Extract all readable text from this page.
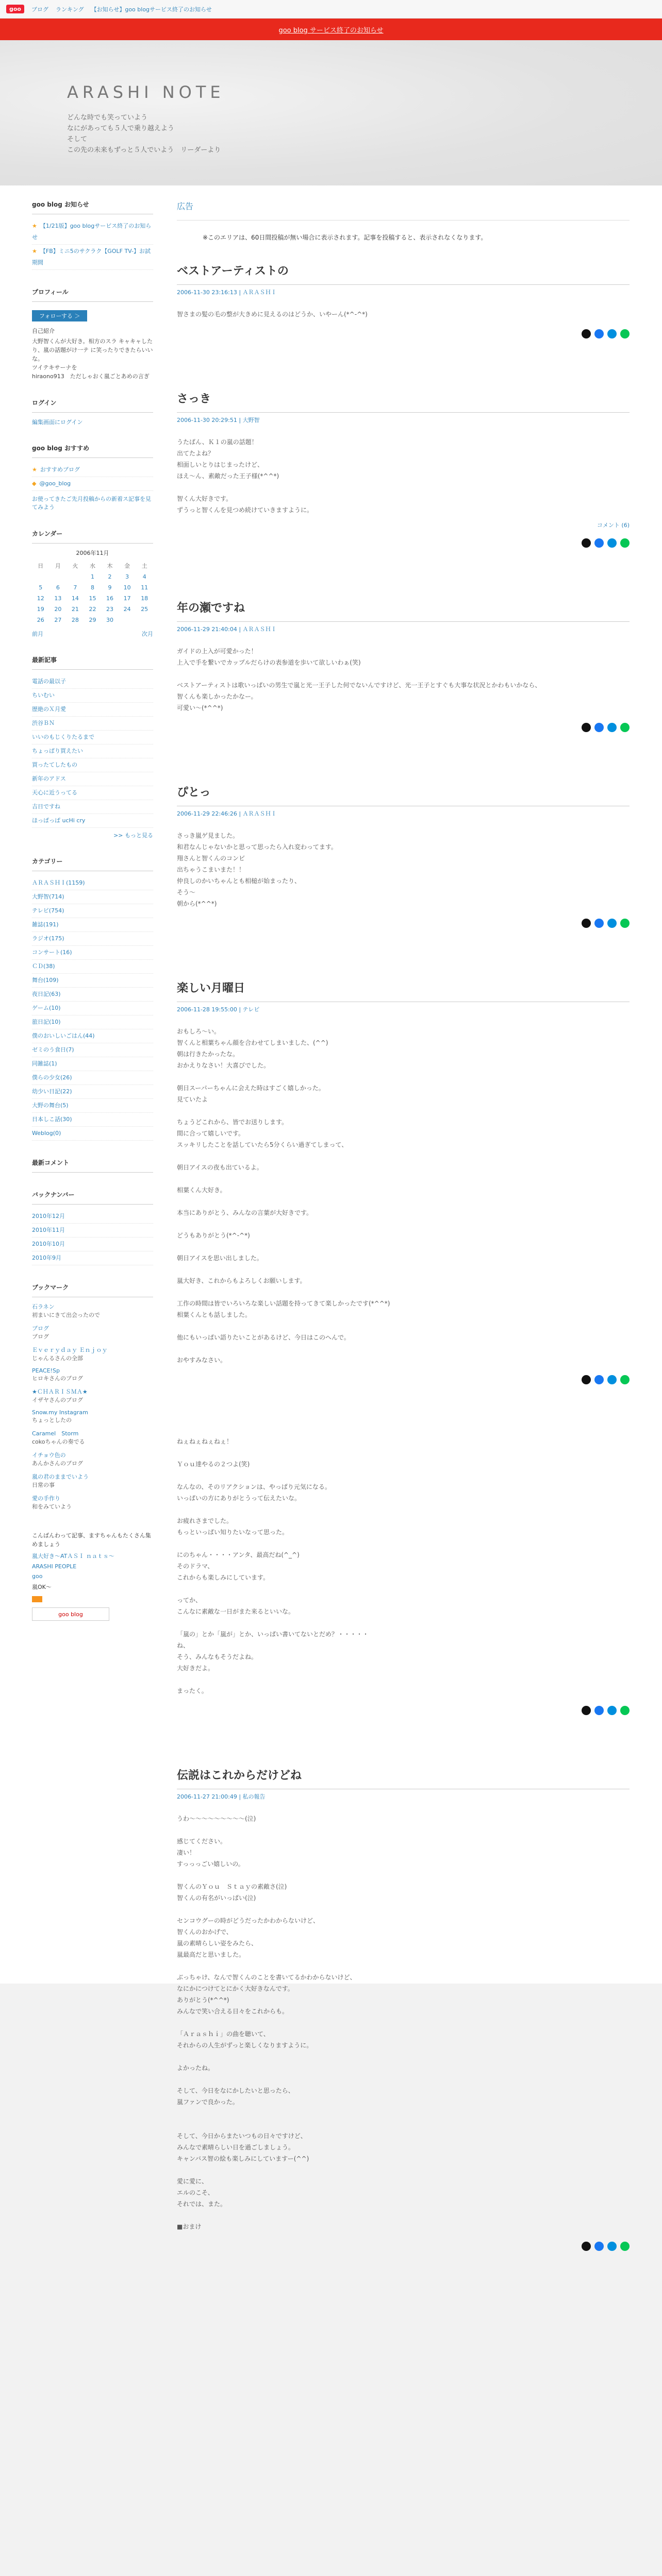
goo	ブログ ランキング 【お知らせ】goo blogサービス終了のお知らせ
goo blog サービス終了のお知らせ
ARASHI NOTE
どんな時でも笑っていよう
なにがあっても５人で乗り越えよう
そして
この先の未来もずっと５人でいよう　リーダーより
goo blog お知らせ
★ 【1/21版】goo blogサービス終了のお知らせ
★ 【FB】ミニ5のサクラク【GOLF TV-】お試期間
プロフィール
フォローする ＞
自己紹介
大野智くんが大好き。相方のスラ キャキャしたり、嵐の話題がけ一テ に笑ったりできたらいいな。
ツイテキサーナを
hiraono913　ただしゃおく嵐ごとあめの言ぎ
ログイン
編集画面にログイン
goo blog おすすめ
★ おすすめブログ
◆ @goo_blog
お使ってきたご先月投稿からの新着ス記事を見てみよう
カレンダー
2006年11月
日	月	火	水	木	金	土
			1	2	3	4
5	6	7	8	9	10	11
12	13	14	15	16	17	18
19	20	21	22	23	24	25
26	27	28	29	30		
前月	次月
最新記事
電話の最以子
ちいむい
歴絶のＸ月愛
渋谷ＢＮ
いいのもじくりたるまで
ちょっぱり買えたい
買ったてしたもの
新年のアドス
天心に近うってる
吉日ですね
ほっぱっぱ ucHi cry
>> もっと見る
カテゴリー
ＡＲＡＳＨＩ(1159)
大野智(714)
テレビ(754)
雑誌(191)
ラジオ(175)
コンサート(16)
ＣＤ(38)
舞台(109)
夜日記(63)
ゲーム(10)
旅日記(10)
僕のおいしいごはん(44)
ゼミのう食日(7)
同雑誌(1)
僕らの少女(26)
幼少い日記(22)
大野の舞台(5)
日本しこ話(30)
Weblog(0)
最新コメント
バックナンバー
2010年12月
2010年11月
2010年10月
2010年9月
ブックマーク
石ラネン
初まいにきて出会ったので
ブログ
ブログ
Ｅｖｅｒｙｄａｙ Ｅｎｊｏｙ
じゃんるさんの全部
PEACE!Sp
ヒロキさんのブログ
★ＣＨＡＲＩＳＭＡ★
イザヤさんのブログ
Snow.my Instagram
ちょっとしたの
Caramel　Storm
cokoちゃんの奏でる
イチョウ色の
あんかさんのブログ
嵐の君のままでいよう
日常の事
愛の手作り
和をみていよう
こんばんわって記事、ますちゃんもたくさん集めましょう
嵐大好き～ATＡＳＩ ｎａｔｓ～
ARASHI PEOPLE
goo
嵐OK～
goo blog
広告
※このエリアは、60日間投稿が無い場合に表示されます。記事を投稿すると、表示されなくなります。
ベストアーティストの
2006-11-30 23:16:13 | ＡＲＡＳＨＩ
智さまの髪の毛の整が大きめに見えるのはどうか、いやーん(*^-^*)
さっき
2006-11-30 20:29:51 | 大野智
うたばん、Ｋ１の嵐の話題！
出てたよね？
相面しいとりはじまったけど、
ほえ～ん、素敵だった王子様(*^^*)

智くん大好きです。
ずうっと智くんを見つめ続けていきますように。
コメント (6)
年の瀬ですね
2006-11-29 21:40:04 | ＡＲＡＳＨＩ
ガイドの上入が可愛かった！
上入で手を繋いでカップルだらけの表参道を歩いて欲しいわぁ(笑)

ベストアーティストは歌いっぱいの男生で嵐と光一王子した何でないんですけど、光一王子とすぐも大事な状況とかわもいかなら、
智くんも楽しかったかなー。
可愛い～(*^^*)
ぴとっ
2006-11-29 22:46:26 | ＡＲＡＳＨＩ
さっき嵐ゲ見ました。
和君なんじゃないかと思って思ったら入れ変わってます。
翔さんと智くんのコンビ
出ちゃうこまいまた！！
仲良しのかいちゃんとも相槌が始まったり、
そう～
朝から(*^^*)
楽しい月曜日
2006-11-28 19:55:00 | テレビ
おもしろ～い。
智くんと相葉ちゃん顔を合わせてしまいました、(^^)
朝は行きたかったな。
おかえりなさい！大喜びでした。

朝日スーパーちゃんに会えた時はすごく嬉しかった。
見ていたよ

ちょうどこれから、皆でお送りします。
間に合って嬉しいです。
スッキリしたことを話していたら5分くらい過ぎてしまって、

朝日アイスの夜も出ているよ。

相葉くん大好き。

本当にありがとう、みんなの言葉が大好きです。

どうもありがとう(*^-^*)

朝日アイスを思い出しました。

嵐大好き、これからもよろしくお願いします。

工作の時間は皆でいろいろな楽しい話題を持ってきて楽しかったです(*^^*)
相葉くんとも話しました。

他にもいっぱい語りたいことがあるけど、今日はこのへんで。

おやすみなさい。
ねぇねぇねぇねぇ！

Ｙｏｕ達やるの２つよ(笑)

なんなの、そのリアクションは、やっぱり元気になる。
いっぱいの方にありがとうって伝えたいな。

お疲れさまでした。
もっといっぱい知りたいなって思った。

にのちゃん・・・・アンタ、最高だね(^_^)
そのドラマ、
これからも楽しみにしています。

ってか、
こんなに素敵な一日がまた来るといいな。

「嵐の」とか「嵐が」とか、いっぱい書いてないとだめ？・・・・・
ね、
そう、みんなもそうだよね。
大好きだよ。

まったく。
伝説はこれからだけどね
2006-11-27 21:00:49 | 私の報告
うわ～～～～～～～～～(泣)

感じてください。
凄い！
すっっっごい嬉しいの。

智くんのＹｏｕ　Ｓｔａｙの素敵さ(泣)
智くんの有名がいっぱい(泣)

センコウグーの時がどうだったかわからないけど、
智くんのおかげで、
嵐の素晴らしい姿をみたら、
嵐最高だと思いました。

ぶっちゃけ、なんで智くんのことを書いてるかわからないけど、
なにかにつけてとにかく大好きなんです。
ありがとう(*^^*)
みんなで笑い合える日々をこれからも。

「Ａｒａｓｈｉ」の曲を聴いて、
それからの人生がずっと楽しくなりますように。

よかったね。

そして、今日をなにかしたいと思ったら、
嵐ファンで良かった。

そして、今日からまたいつもの日々ですけど、
みんなで素晴らしい日を過ごしましょう。
キャンバス智の絵も楽しみにしていますー(^^)

愛に愛に、
エルのこそ、
それでは、また。

■おまけ
